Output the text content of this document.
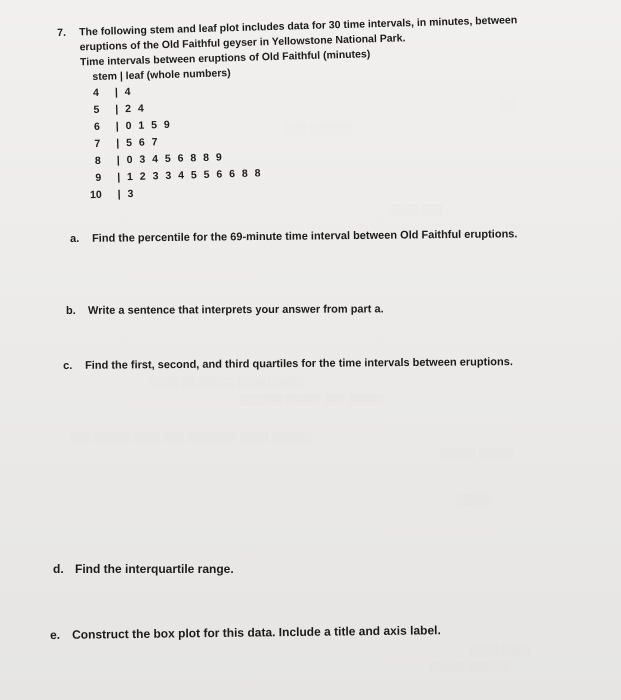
░░░ ░░░░░░
░░
░░░░ ░░░
░░░░ ░░ ░░░░░ ░░░░ ░░░░░
░░░░░░ ░░░░░ ░░░ ░░░░░
░░░ ░░░░░ ░░░░ ░░░ ░░░░░░░ ░░░░ ░░░░░░
░░░░░ ░░░░░
░░░░░
░░░░ ░░░░
░░░░░ ░░░░░░
7. The following stem and leaf plot includes data for 30 time intervals, in minutes, between
eruptions of the Old Faithful geyser in Yellowstone National Park.
Time intervals between eruptions of Old Faithful (minutes)
stem | leaf (whole numbers)
4 | 4
5 | 2 4
6 | 0 1 5 9
7 | 5 6 7
8 | 0 3 4 5 6 8 8 9
9 | 1 2 3 3 4 5 5 6 6 8 8
10 | 3
a. Find the percentile for the 69-minute time interval between Old Faithful eruptions.
b. Write a sentence that interprets your answer from part a.
c. Find the first, second, and third quartiles for the time intervals between eruptions.
d. Find the interquartile range.
e. Construct the box plot for this data. Include a title and axis label.
